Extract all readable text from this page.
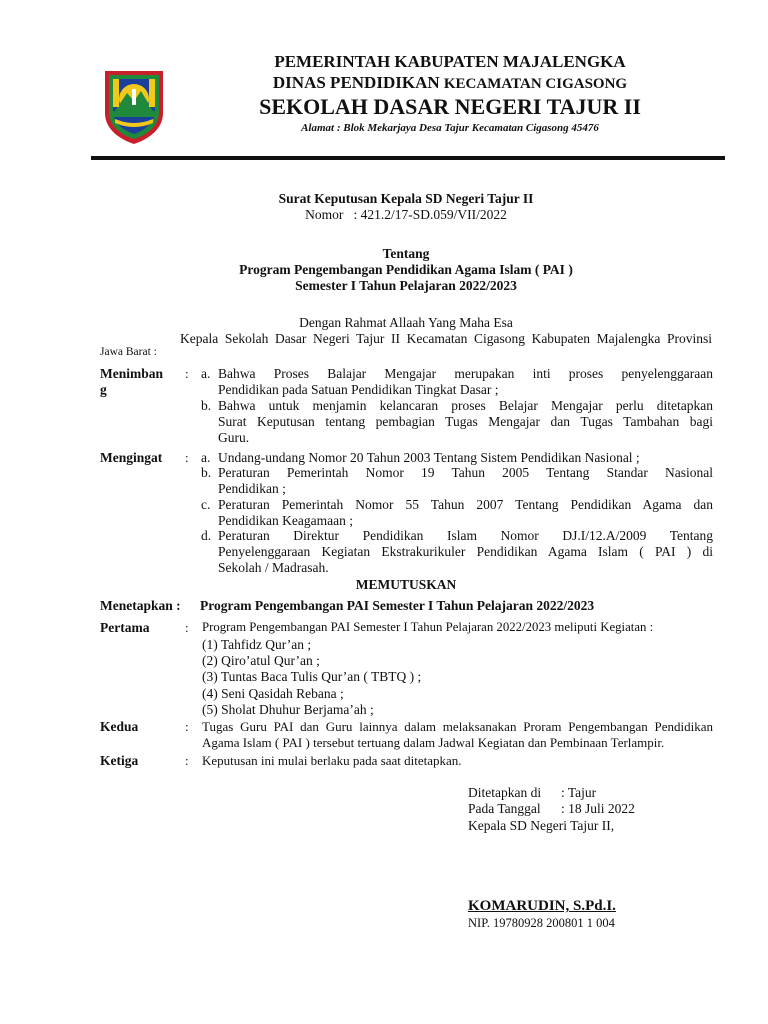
PEMERINTAH KABUPATEN MAJALENGKA
DINAS PENDIDIKAN KECAMATAN CIGASONG
SEKOLAH DASAR NEGERI TAJUR II
Alamat : Blok Mekarjaya Desa Tajur Kecamatan Cigasong 45476
Surat Keputusan Kepala SD Negeri Tajur II
Nomor : 421.2/17-SD.059/VII/2022
Tentang
Program Pengembangan Pendidikan Agama Islam ( PAI )
Semester I Tahun Pelajaran 2022/2023
Dengan Rahmat Allaah Yang Maha Esa
Kepala Sekolah Dasar Negeri Tajur II Kecamatan Cigasong Kabupaten Majalengka Provinsi
Jawa Barat :
Menimban
g
: a. Bahwa Proses Balajar Mengajar merupakan inti proses penyelenggaraan
Pendidikan pada Satuan Pendidikan Tingkat Dasar ;
b. Bahwa untuk menjamin kelancaran proses Belajar Mengajar perlu ditetapkan
Surat Keputusan tentang pembagian Tugas Mengajar dan Tugas Tambahan bagi
Guru.
Mengingat : a. Undang-undang Nomor 20 Tahun 2003 Tentang Sistem Pendidikan Nasional ;
b. Peraturan Pemerintah Nomor 19 Tahun 2005 Tentang Standar Nasional
Pendidikan ;
c. Peraturan Pemerintah Nomor 55 Tahun 2007 Tentang Pendidikan Agama dan
Pendidikan Keagamaan ;
d. Peraturan Direktur Pendidikan Islam Nomor DJ.I/12.A/2009 Tentang
Penyelenggaraan Kegiatan Ekstrakurikuler Pendidikan Agama Islam ( PAI ) di
Sekolah / Madrasah.
MEMUTUSKAN
Menetapkan : Program Pengembangan PAI Semester I Tahun Pelajaran 2022/2023
Pertama	: Program Pengembangan PAI Semester I Tahun Pelajaran 2022/2023 meliputi Kegiatan :
(1) Tahfidz Qur’an ;
(2) Qiro’atul Qur’an ;
(3) Tuntas Baca Tulis Qur’an ( TBTQ ) ;
(4) Seni Qasidah Rebana ;
(5) Sholat Dhuhur Berjama’ah ;
Kedua	: Tugas Guru PAI dan Guru lainnya dalam melaksanakan Proram Pengembangan Pendidikan
Agama Islam ( PAI ) tersebut tertuang dalam Jadwal Kegiatan dan Pembinaan Terlampir.
Ketiga	: Keputusan ini mulai berlaku pada saat ditetapkan.
Ditetapkan di : Tajur
Pada Tanggal : 18 Juli 2022
Kepala SD Negeri Tajur II,
KOMARUDIN, S.Pd.I.
NIP. 19780928 200801 1 004
